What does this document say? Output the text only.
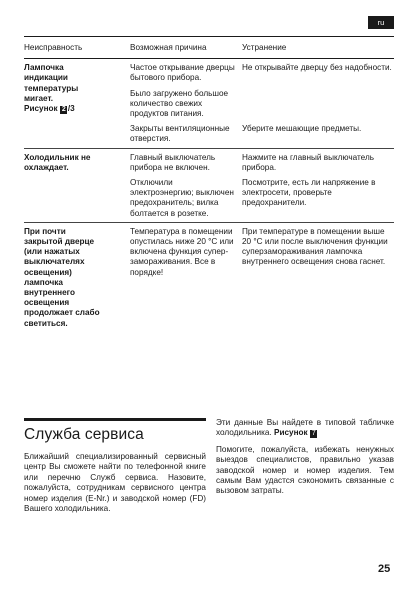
ru
Неисправность	Возможная причина	Устранение
Лампочка
индикации
температуры
мигает.
Рисунок 2 /3
Частое открывание дверцы бытового прибора.
Не открывайте дверцу без надобности.
Было загружено большое количество свежих продуктов питания.
Закрыты вентиляционные отверстия.
Уберите мешающие предметы.
Холодильник не
охлаждает.
Главный выключатель прибора не включен.
Нажмите на главный выключатель прибора.
Отключили электроэнергию; выключен предохранитель; вилка болтается в розетке.
Посмотрите, есть ли напряжение в электросети, проверьте предохранители.
При почти
закрытой дверце
(или нажатых
выключателях
освещения)
лампочка
внутреннего
освещения
продолжает слабо
светиться.
Температура в помещении опустилась ниже 20 °C или включена функция супер-замораживания. Все в порядке!
При температуре в помещении выше 20 °C или после выключения функции суперзамораживания лампочка внутреннего освещения снова гаснет.
Служба сервиса
Ближайший специализированный сервисный центр Вы сможете найти по телефонной книге или перечню Служб сервиса. Назовите, пожалуйста, сотрудникам сервисного центра номер изделия (E-Nr.) и заводской номер (FD) Вашего холодильника.

Эти данные Вы найдете в типовой табличке холодильника. Рисунок 7

Помогите, пожалуйста, избежать ненужных выездов специалистов, правильно указав заводской номер и номер изделия. Тем самым Вам удастся сэкономить связанные с вызовом затраты.

25
